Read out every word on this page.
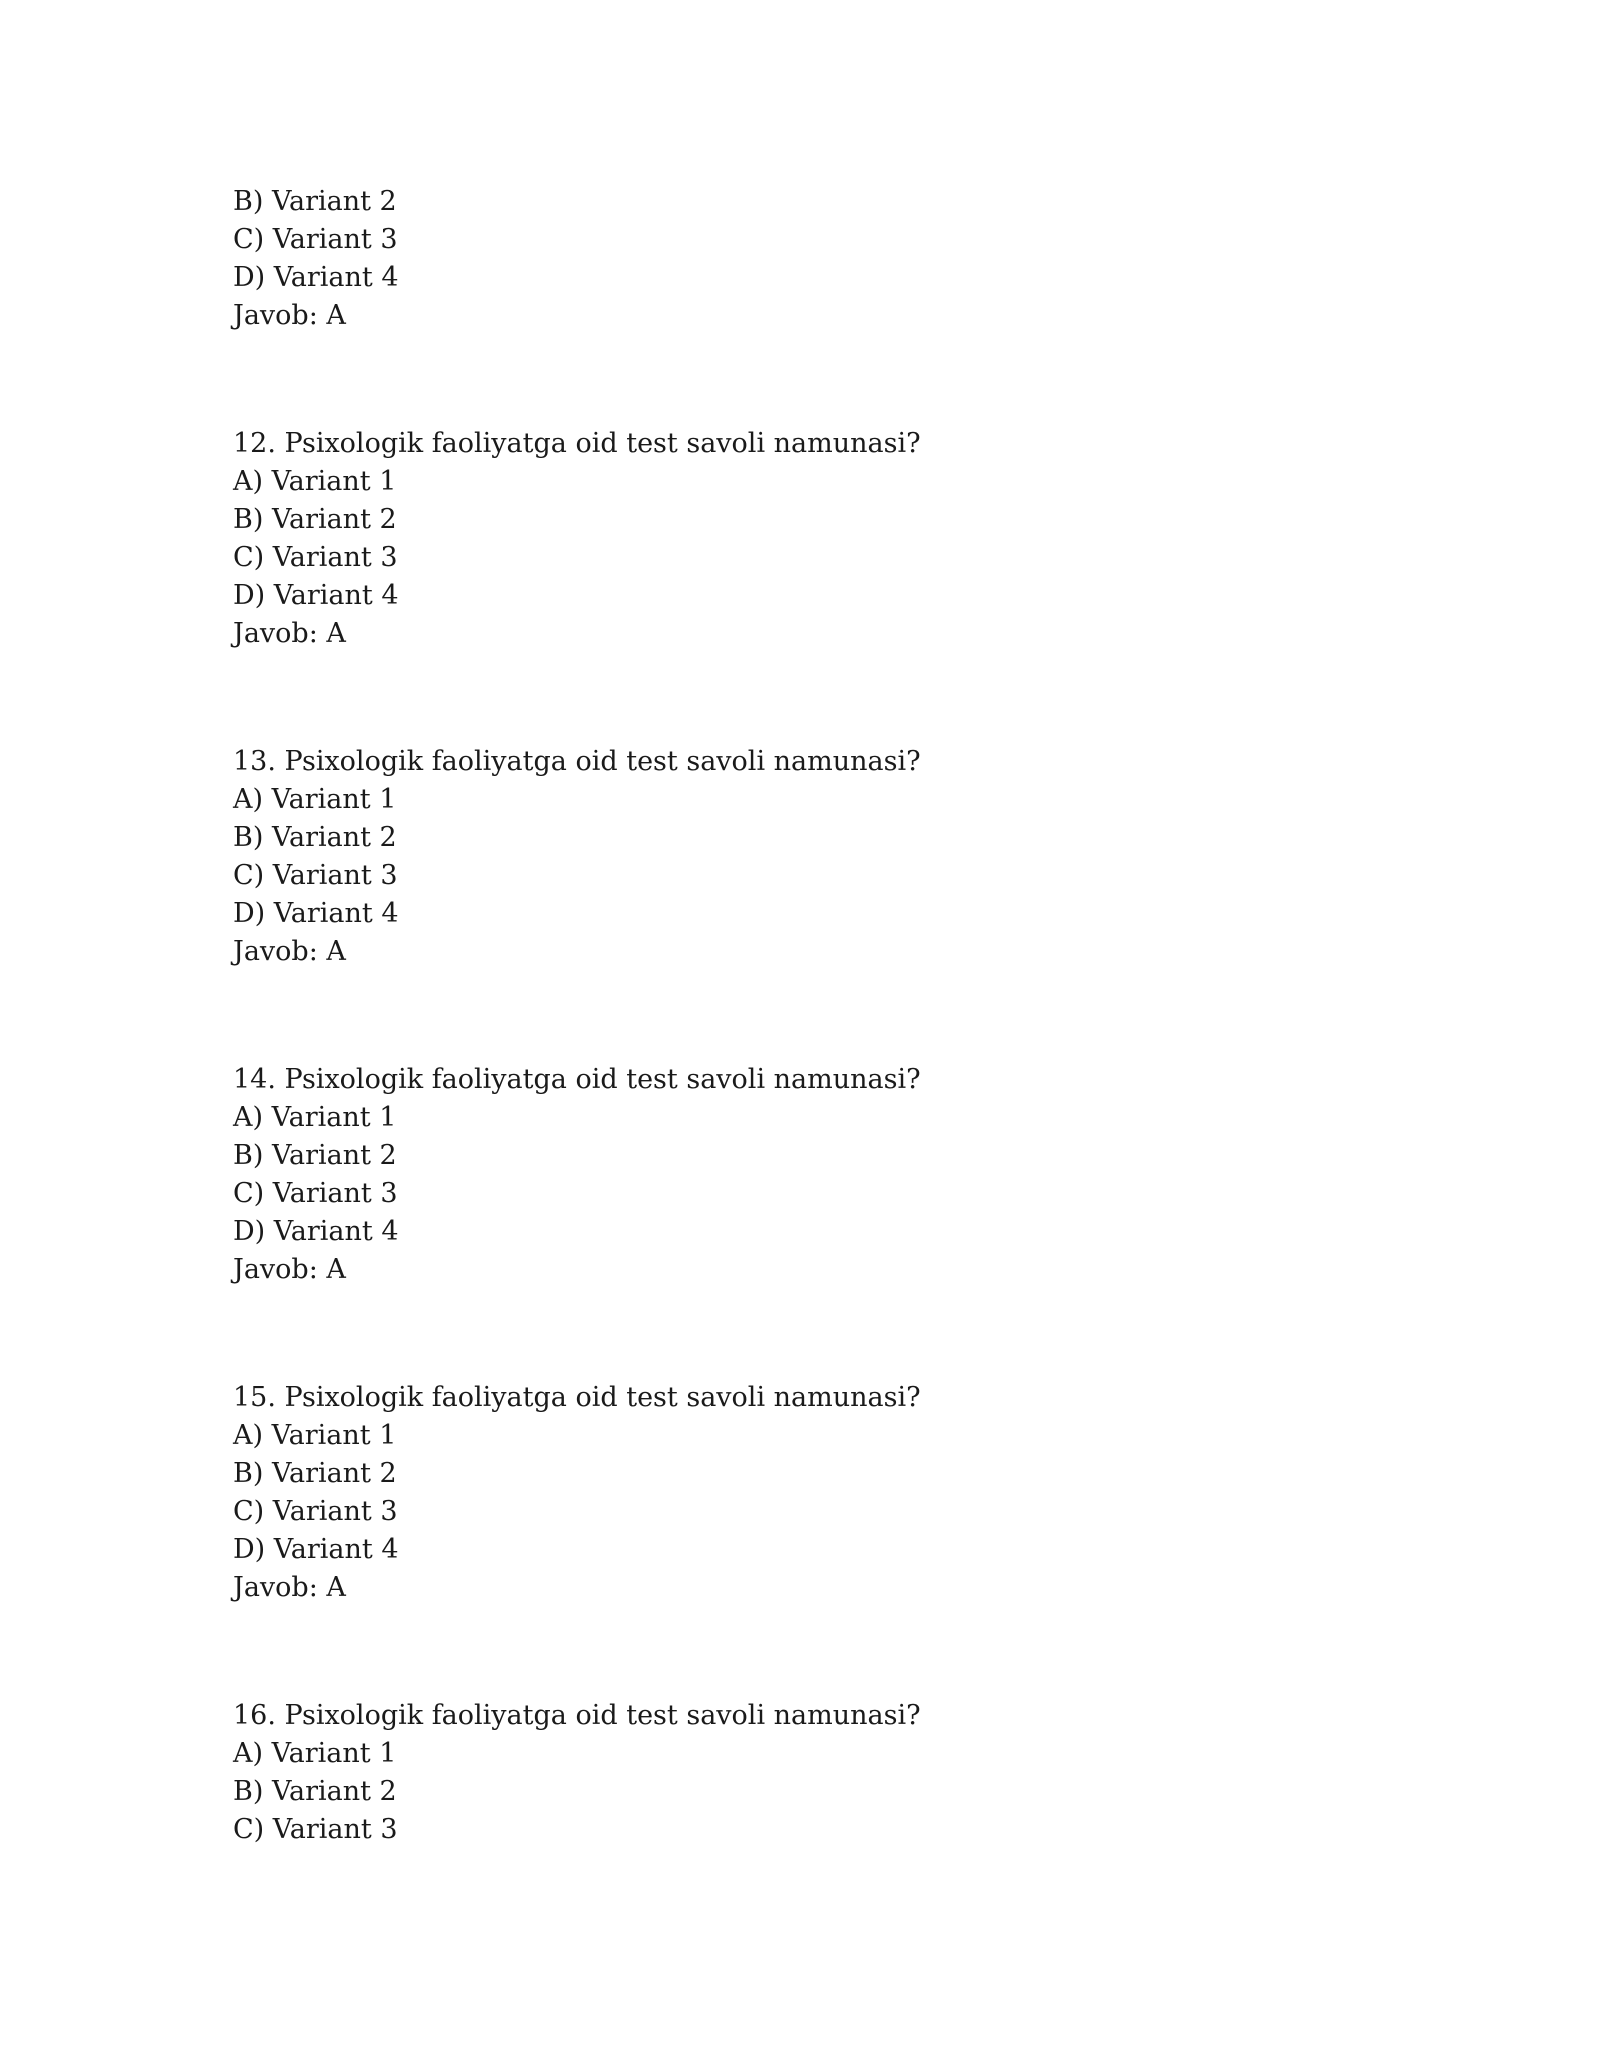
B) Variant 2
C) Variant 3
D) Variant 4
Javob: A
12. Psixologik faoliyatga oid test savoli namunasi?
A) Variant 1
B) Variant 2
C) Variant 3
D) Variant 4
Javob: A
13. Psixologik faoliyatga oid test savoli namunasi?
A) Variant 1
B) Variant 2
C) Variant 3
D) Variant 4
Javob: A
14. Psixologik faoliyatga oid test savoli namunasi?
A) Variant 1
B) Variant 2
C) Variant 3
D) Variant 4
Javob: A
15. Psixologik faoliyatga oid test savoli namunasi?
A) Variant 1
B) Variant 2
C) Variant 3
D) Variant 4
Javob: A
16. Psixologik faoliyatga oid test savoli namunasi?
A) Variant 1
B) Variant 2
C) Variant 3
